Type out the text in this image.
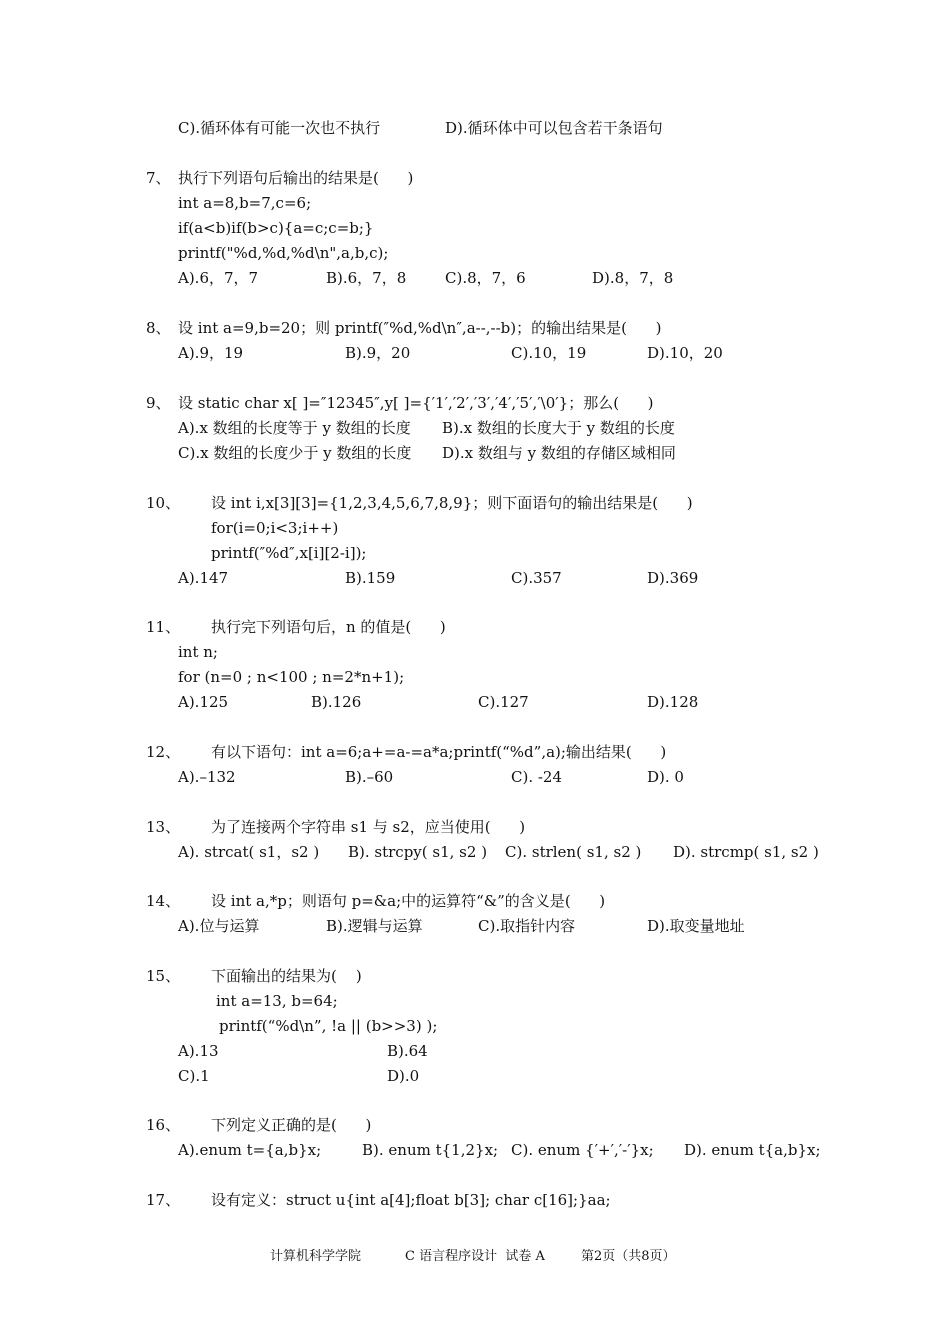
C).循环体有可能一次也不执行	D).循环体中可以包含若干条语句
7、 执行下列语句后输出的结果是(      )
int a=8,b=7,c=6;
if(a<b)if(b>c){a=c;c=b;}
printf("%d,%d,%d\n",a,b,c);
A).6，7，7	B).6，7，8	C).8，7，6	D).8，7，8
8、 设 int a=9,b=20；则 printf(″%d,%d\n″,a--,--b)；的输出结果是(      )
A).9，19	B).9，20	C).10，19	D).10，20
9、 设 static char x[ ]=″12345″,y[ ]={′1′,′2′,′3′,′4′,′5′,′\0′}；那么(      )
A).x 数组的长度等于 y 数组的长度 B).x 数组的长度大于 y 数组的长度
C).x 数组的长度少于 y 数组的长度 D).x 数组与 y 数组的存储区域相同
10、 设 int i,x[3][3]={1,2,3,4,5,6,7,8,9}；则下面语句的输出结果是(      )
for(i=0;i<3;i++)
printf(″%d″,x[i][2-i]);
A).147	B).159	C).357	D).369
11、 执行完下列语句后，n 的值是(      )
int n;
for (n=0 ; n<100 ; n=2*n+1);
A).125	B).126	C).127	D).128
12、 有以下语句：int a=6;a+=a-=a*a;printf(“%d”,a);输出结果(      )
A).–132	B).–60	C). -24	D). 0
13、 为了连接两个字符串 s1 与 s2，应当使用(      )
A). strcat( s1，s2 ) B). strcpy( s1, s2 ) C). strlen( s1, s2 ) D). strcmp( s1, s2 )
14、 设 int a,*p；则语句 p=&a;中的运算符“&”的含义是(      )
A).位与运算	B).逻辑与运算	C).取指针内容	D).取变量地址
15、 下面输出的结果为(    )
int a=13, b=64;
printf(“%d\n”, !a || (b>>3) );
A).13	B).64
C).1	D).0
16、 下列定义正确的是(      )
A).enum t={a,b}x;	B). enum t{1,2}x; C). enum {′+′,′-′}x; D). enum t{a,b}x;
17、 设有定义：struct u{int a[4];float b[3]; char c[16];}aa;
计算机科学学院	C 语言程序设计  试卷 A	第2页（共8页）
